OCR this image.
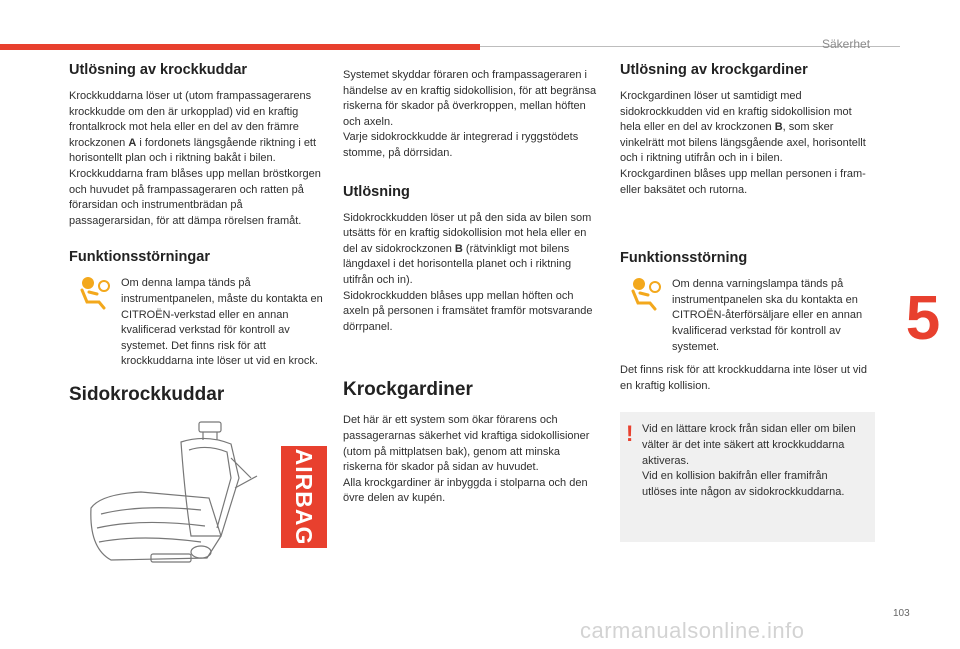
Säkerhet
5
103
carmanualsonline.info
Utlösning av krockkuddar

Krockkuddarna löser ut (utom frampassagerarens krockkudde om den är urkopplad) vid en kraftig frontalkrock mot hela eller en del av den främre krockzonen A i fordonets längsgående riktning i ett horisontellt plan och i riktning bakåt i bilen.

Krockkuddarna fram blåses upp mellan bröstkorgen och huvudet på frampassageraren och ratten på förarsidan och instrumentbrädan på passagerarsidan, för att dämpa rörelsen framåt.

Funktionsstörningar

Om denna lampa tänds på instrumentpanelen, måste du kontakta en CITROËN-verkstad eller en annan kvalificerad verkstad för kontroll av systemet. Det finns risk för att krockkuddarna inte löser ut vid en krock.

Sidokrockkuddar
AIRBAG

Systemet skyddar föraren och frampassageraren i händelse av en kraftig sidokollision, för att begränsa riskerna för skador på överkroppen, mellan höften och axeln.

Varje sidokrockkudde är integrerad i ryggstödets stomme, på dörrsidan.

Utlösning

Sidokrockkudden löser ut på den sida av bilen som utsätts för en kraftig sidokollision mot hela eller en del av sidokrockzonen B (rätvinkligt mot bilens längdaxel i det horisontella planet och i riktning utifrån och in).

Sidokrockkudden blåses upp mellan höften och axeln på personen i framsätet framför motsvarande dörrpanel.

Krockgardiner

Det här är ett system som ökar förarens och passagerarnas säkerhet vid kraftiga sidokollisioner (utom på mittplatsen bak), genom att minska riskerna för skador på sidan av huvudet.

Alla krockgardiner är inbyggda i stolparna och den övre delen av kupén.

Utlösning av krockgardiner

Krockgardinen löser ut samtidigt med sidokrockkudden vid en kraftig sidokollision mot hela eller en del av krockzonen B, som sker vinkelrätt mot bilens längsgående axel, horisontellt och i riktning utifrån och in i bilen.

Krockgardinen blåses upp mellan personen i fram- eller baksätet och rutorna.

Funktionsstörning

Om denna varningslampa tänds på instrumentpanelen ska du kontakta en CITROËN-återförsäljare eller en annan kvalificerad verkstad för kontroll av systemet.

Det finns risk för att krockkuddarna inte löser ut vid en kraftig kollision.

! Vid en lättare krock från sidan eller om bilen välter är det inte säkert att krockkuddarna aktiveras.

Vid en kollision bakifrån eller framifrån utlöses inte någon av sidokrockkuddarna.
